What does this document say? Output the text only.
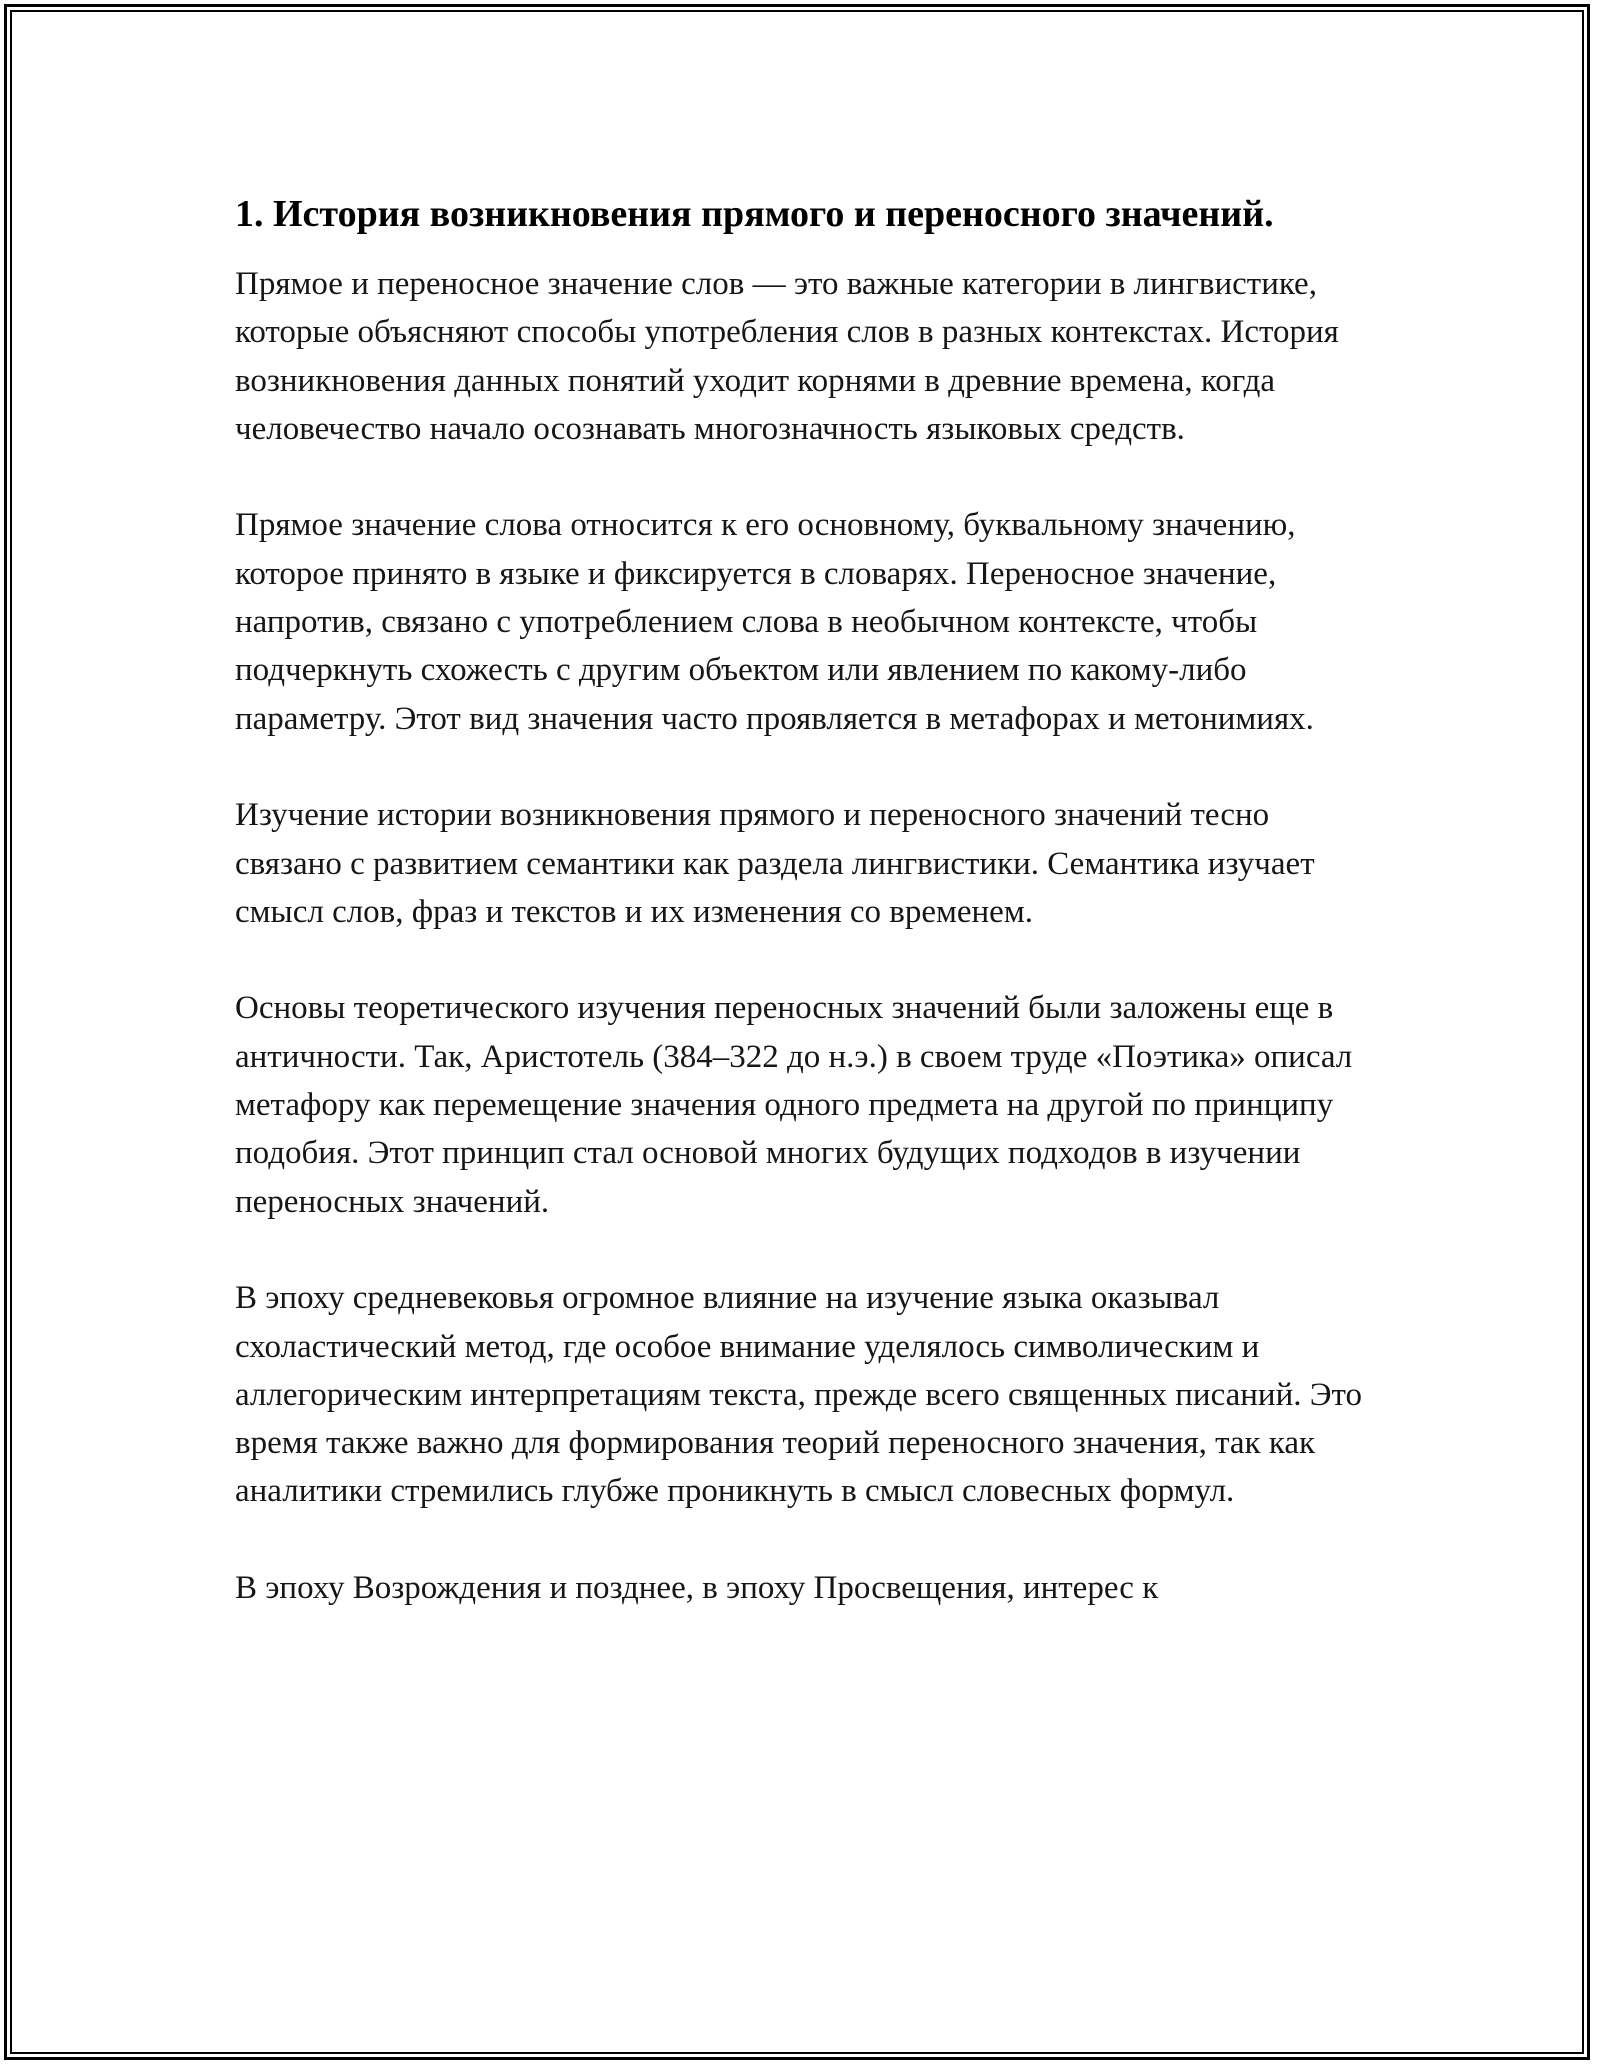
1. История возникновения прямого и переносного значений.

Прямое и переносное значение слов — это важные категории в лингвистике, которые объясняют способы употребления слов в разных контекстах. История возникновения данных понятий уходит корнями в древние времена, когда человечество начало осознавать многозначность языковых средств.

Прямое значение слова относится к его основному, буквальному значению, которое принято в языке и фиксируется в словарях. Переносное значение, напротив, связано с употреблением слова в необычном контексте, чтобы подчеркнуть схожесть с другим объектом или явлением по какому-либо параметру. Этот вид значения часто проявляется в метафорах и метонимиях.

Изучение истории возникновения прямого и переносного значений тесно связано с развитием семантики как раздела лингвистики. Семантика изучает смысл слов, фраз и текстов и их изменения со временем.

Основы теоретического изучения переносных значений были заложены еще в античности. Так, Аристотель (384–322 до н.э.) в своем труде «Поэтика» описал метафору как перемещение значения одного предмета на другой по принципу подобия. Этот принцип стал основой многих будущих подходов в изучении переносных значений.

В эпоху средневековья огромное влияние на изучение языка оказывал схоластический метод, где особое внимание уделялось символическим и аллегорическим интерпретациям текста, прежде всего священных писаний. Это время также важно для формирования теорий переносного значения, так как аналитики стремились глубже проникнуть в смысл словесных формул.

В эпоху Возрождения и позднее, в эпоху Просвещения, интерес к
